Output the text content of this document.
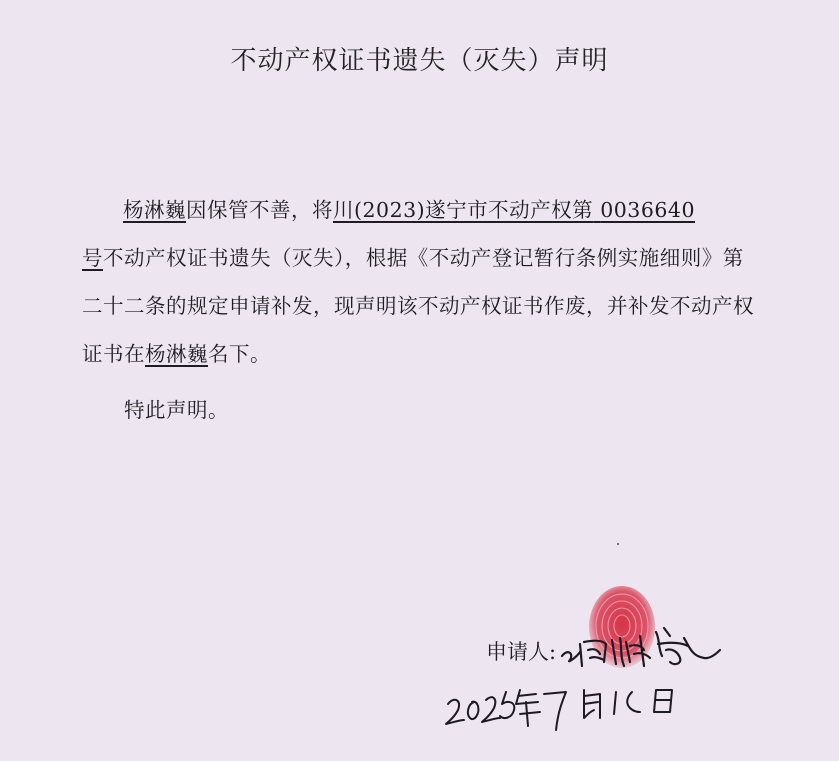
不动产权证书遗失（灭失）声明
杨淋巍因保管不善，将川(2023)遂宁市不动产权第 0036640
号不动产权证书遗失（灭失），根据《不动产登记暂行条例实施细则》第二十二条的规定申请补发，现声明该不动产权证书作废，并补发不动产权证书在杨淋巍名下。
特此声明。
申请人:
